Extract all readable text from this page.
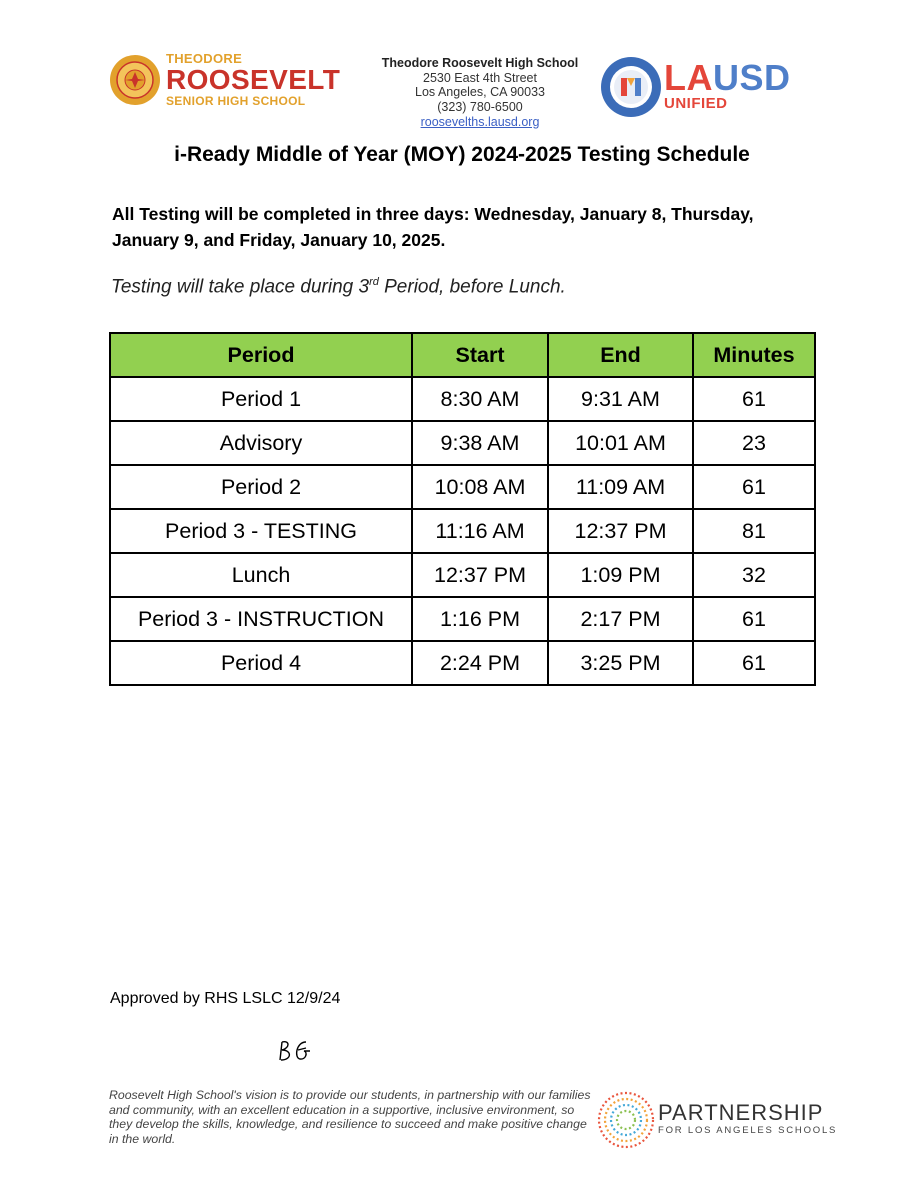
THEODORE
ROOSEVELT
SENIOR HIGH SCHOOL
Theodore Roosevelt High School
2530 East 4th Street
Los Angeles, CA 90033
(323) 780-6500
roosevelths.lausd.org
LAUSD
UNIFIED
i-Ready Middle of Year (MOY) 2024-2025 Testing Schedule
All Testing will be completed in three days: Wednesday, January 8, Thursday, January 9, and Friday, January 10, 2025.
Testing will take place during 3rd Period, before Lunch.
Period	Start	End	Minutes
Period 1	8:30 AM	9:31 AM	61
Advisory	9:38 AM	10:01 AM	23
Period 2	10:08 AM	11:09 AM	61
Period 3 - TESTING	11:16 AM	12:37 PM	81
Lunch	12:37 PM	1:09 PM	32
Period 3 - INSTRUCTION	1:16 PM	2:17 PM	61
Period 4	2:24 PM	3:25 PM	61
Approved by RHS LSLC 12/9/24
Roosevelt High School's vision is to provide our students, in partnership with our families and community, with an excellent education in a supportive, inclusive environment, so they develop the skills, knowledge, and resilience to succeed and make positive change in the world.
PARTNERSHIP
FOR LOS ANGELES SCHOOLS
